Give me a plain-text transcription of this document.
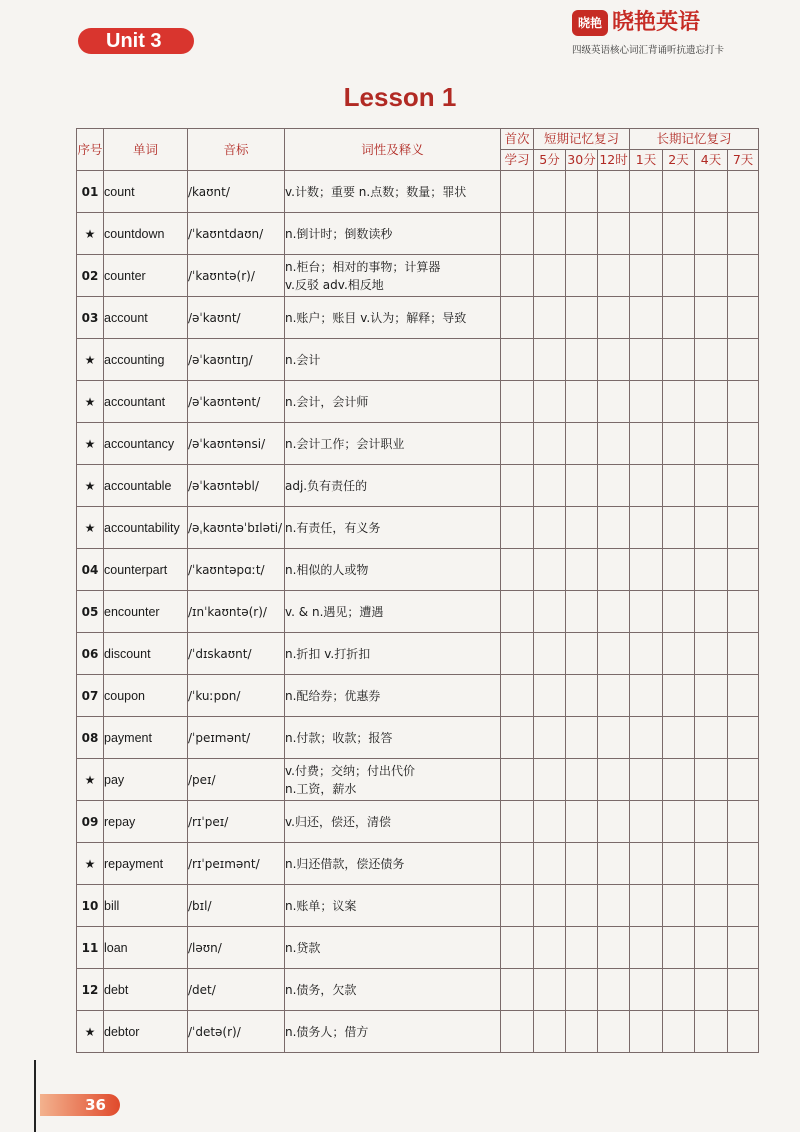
Unit 3
晓艳 晓艳英语
四级英语核心词汇背诵听抗遗忘打卡
Lesson 1
序号	单词	音标	词性及释义	首次	短期记忆复习			长期记忆复习			
				学习	5分	30分	12时	1天	2天	4天	7天
01	count	/kaʊnt/	v.计数；重要 n.点数；数量；罪状								

★	countdown	/ˈkaʊntdaʊn/	n.倒计时；倒数读秒								

02	counter	/ˈkaʊntə(r)/	n.柜台；相对的事物；计算器
v.反驳 adv.相反地								

03	account	/əˈkaʊnt/	n.账户；账目 v.认为；解释；导致								

★	accounting	/əˈkaʊntɪŋ/	n.会计								

★	accountant	/əˈkaʊntənt/	n.会计，会计师								

★	accountancy	/əˈkaʊntənsi/	n.会计工作；会计职业								

★	accountable	/əˈkaʊntəbl/	adj.负有责任的								

★	accountability	/əˌkaʊntəˈbɪləti/	n.有责任，有义务								

04	counterpart	/ˈkaʊntəpɑːt/	n.相似的人或物								

05	encounter	/ɪnˈkaʊntə(r)/	v. & n.遇见；遭遇								

06	discount	/ˈdɪskaʊnt/	n.折扣 v.打折扣								

07	coupon	/ˈkuːpɒn/	n.配给券；优惠券								

08	payment	/ˈpeɪmənt/	n.付款；收款；报答								

★	pay	/peɪ/	v.付费；交纳；付出代价
n.工资，薪水								

09	repay	/rɪˈpeɪ/	v.归还，偿还，清偿								

★	repayment	/rɪˈpeɪmənt/	n.归还借款，偿还债务								

10	bill	/bɪl/	n.账单；议案								

11	loan	/ləʊn/	n.贷款								

12	debt	/det/	n.债务，欠款								

★	debtor	/ˈdetə(r)/	n.债务人；借方								

36
